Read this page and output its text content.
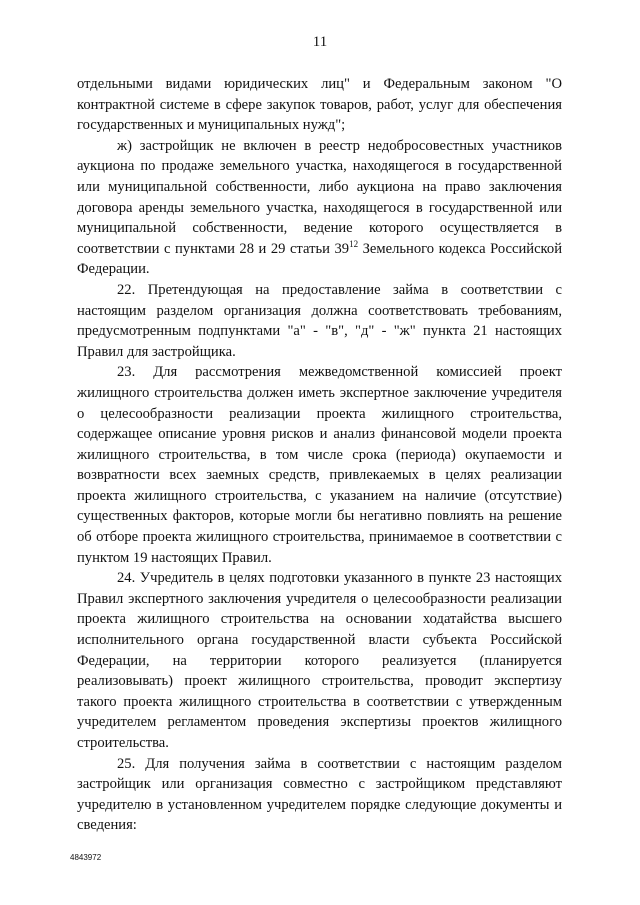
11

отдельными видами юридических лиц" и Федеральным законом "О контрактной системе в сфере закупок товаров, работ, услуг для обеспечения государственных и муниципальных нужд";

ж) застройщик не включен в реестр недобросовестных участников аукциона по продаже земельного участка, находящегося в государственной или муниципальной собственности, либо аукциона на право заключения договора аренды земельного участка, находящегося в государственной или муниципальной собственности, ведение которого осуществляется в соответствии с пунктами 28 и 29 статьи $39^{12}$ Земельного кодекса Российской Федерации.

22. Претендующая на предоставление займа в соответствии с настоящим разделом организация должна соответствовать требованиям, предусмотренным подпунктами "а" - "в", "д" - "ж" пункта 21 настоящих Правил для застройщика.

23. Для рассмотрения межведомственной комиссией проект жилищного строительства должен иметь экспертное заключение учредителя о целесообразности реализации проекта жилищного строительства, содержащее описание уровня рисков и анализ финансовой модели проекта жилищного строительства, в том числе срока (периода) окупаемости и возвратности всех заемных средств, привлекаемых в целях реализации проекта жилищного строительства, с указанием на наличие (отсутствие) существенных факторов, которые могли бы негативно повлиять на решение об отборе проекта жилищного строительства, принимаемое в соответствии с пунктом 19 настоящих Правил.

24. Учредитель в целях подготовки указанного в пункте 23 настоящих Правил экспертного заключения учредителя о целесообразности реализации проекта жилищного строительства на основании ходатайства высшего исполнительного органа государственной власти субъекта Российской Федерации, на территории которого реализуется (планируется реализовывать) проект жилищного строительства, проводит экспертизу такого проекта жилищного строительства в соответствии с утвержденным учредителем регламентом проведения экспертизы проектов жилищного строительства.

25. Для получения займа в соответствии с настоящим разделом застройщик или организация совместно с застройщиком представляют учредителю в установленном учредителем порядке следующие документы и сведения:

4843972
